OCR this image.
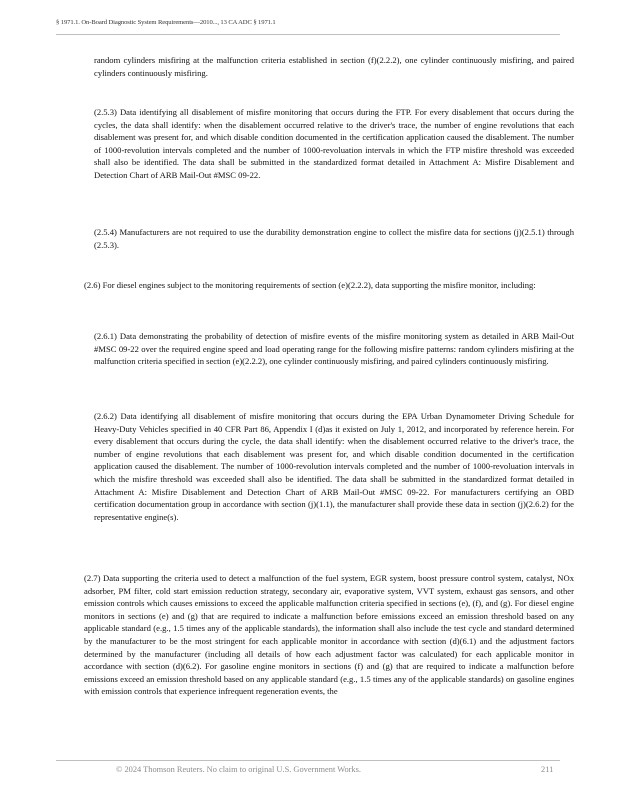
§ 1971.1. On-Board Diagnostic System Requirements—2010..., 13 CA ADC § 1971.1

random cylinders misfiring at the malfunction criteria established in section (f)(2.2.2), one cylinder continuously misfiring, and paired cylinders continuously misfiring.

(2.5.3) Data identifying all disablement of misfire monitoring that occurs during the FTP. For every disablement that occurs during the cycles, the data shall identify: when the disablement occurred relative to the driver's trace, the number of engine revolutions that each disablement was present for, and which disable condition documented in the certification application caused the disablement. The number of 1000-revolution intervals completed and the number of 1000-revoluation intervals in which the FTP misfire threshold was exceeded shall also be identified. The data shall be submitted in the standardized format detailed in Attachment A: Misfire Disablement and Detection Chart of ARB Mail-Out #MSC 09-22.

(2.5.4) Manufacturers are not required to use the durability demonstration engine to collect the misfire data for sections (j)(2.5.1) through (2.5.3).

(2.6) For diesel engines subject to the monitoring requirements of section (e)(2.2.2), data supporting the misfire monitor, including:

(2.6.1) Data demonstrating the probability of detection of misfire events of the misfire monitoring system as detailed in ARB Mail-Out #MSC 09-22 over the required engine speed and load operating range for the following misfire patterns: random cylinders misfiring at the malfunction criteria specified in section (e)(2.2.2), one cylinder continuously misfiring, and paired cylinders continuously misfiring.

(2.6.2) Data identifying all disablement of misfire monitoring that occurs during the EPA Urban Dynamometer Driving Schedule for Heavy-Duty Vehicles specified in 40 CFR Part 86, Appendix I (d)as it existed on July 1, 2012, and incorporated by reference herein. For every disablement that occurs during the cycle, the data shall identify: when the disablement occurred relative to the driver's trace, the number of engine revolutions that each disablement was present for, and which disable condition documented in the certification application caused the disablement. The number of 1000-revolution intervals completed and the number of 1000-revoluation intervals in which the misfire threshold was exceeded shall also be identified. The data shall be submitted in the standardized format detailed in Attachment A: Misfire Disablement and Detection Chart of ARB Mail-Out #MSC 09-22. For manufacturers certifying an OBD certification documentation group in accordance with section (j)(1.1), the manufacturer shall provide these data in section (j)(2.6.2) for the representative engine(s).

(2.7) Data supporting the criteria used to detect a malfunction of the fuel system, EGR system, boost pressure control system, catalyst, NOx adsorber, PM filter, cold start emission reduction strategy, secondary air, evaporative system, VVT system, exhaust gas sensors, and other emission controls which causes emissions to exceed the applicable malfunction criteria specified in sections (e), (f), and (g). For diesel engine monitors in sections (e) and (g) that are required to indicate a malfunction before emissions exceed an emission threshold based on any applicable standard (e.g., 1.5 times any of the applicable standards), the information shall also include the test cycle and standard determined by the manufacturer to be the most stringent for each applicable monitor in accordance with section (d)(6.1) and the adjustment factors determined by the manufacturer (including all details of how each adjustment factor was calculated) for each applicable monitor in accordance with section (d)(6.2). For gasoline engine monitors in sections (f) and (g) that are required to indicate a malfunction before emissions exceed an emission threshold based on any applicable standard (e.g., 1.5 times any of the applicable standards) on gasoline engines with emission controls that experience infrequent regeneration events, the

© 2024 Thomson Reuters. No claim to original U.S. Government Works.	211
